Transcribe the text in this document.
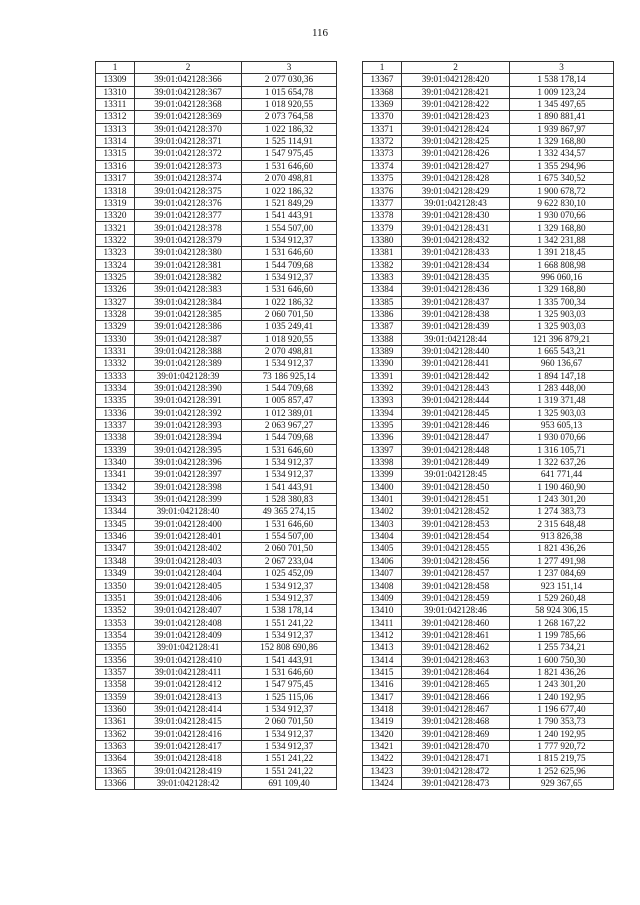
116
1	2	3
13309	39:01:042128:366	2 077 030,36
13310	39:01:042128:367	1 015 654,78
13311	39:01:042128:368	1 018 920,55
13312	39:01:042128:369	2 073 764,58
13313	39:01:042128:370	1 022 186,32
13314	39:01:042128:371	1 525 114,91
13315	39:01:042128:372	1 547 975,45
13316	39:01:042128:373	1 531 646,60
13317	39:01:042128:374	2 070 498,81
13318	39:01:042128:375	1 022 186,32
13319	39:01:042128:376	1 521 849,29
13320	39:01:042128:377	1 541 443,91
13321	39:01:042128:378	1 554 507,00
13322	39:01:042128:379	1 534 912,37
13323	39:01:042128:380	1 531 646,60
13324	39:01:042128:381	1 544 709,68
13325	39:01:042128:382	1 534 912,37
13326	39:01:042128:383	1 531 646,60
13327	39:01:042128:384	1 022 186,32
13328	39:01:042128:385	2 060 701,50
13329	39:01:042128:386	1 035 249,41
13330	39:01:042128:387	1 018 920,55
13331	39:01:042128:388	2 070 498,81
13332	39:01:042128:389	1 534 912,37
13333	39:01:042128:39	73 186 925,14
13334	39:01:042128:390	1 544 709,68
13335	39:01:042128:391	1 005 857,47
13336	39:01:042128:392	1 012 389,01
13337	39:01:042128:393	2 063 967,27
13338	39:01:042128:394	1 544 709,68
13339	39:01:042128:395	1 531 646,60
13340	39:01:042128:396	1 534 912,37
13341	39:01:042128:397	1 534 912,37
13342	39:01:042128:398	1 541 443,91
13343	39:01:042128:399	1 528 380,83
13344	39:01:042128:40	49 365 274,15
13345	39:01:042128:400	1 531 646,60
13346	39:01:042128:401	1 554 507,00
13347	39:01:042128:402	2 060 701,50
13348	39:01:042128:403	2 067 233,04
13349	39:01:042128:404	1 025 452,09
13350	39:01:042128:405	1 534 912,37
13351	39:01:042128:406	1 534 912,37
13352	39:01:042128:407	1 538 178,14
13353	39:01:042128:408	1 551 241,22
13354	39:01:042128:409	1 534 912,37
13355	39:01:042128:41	152 808 690,86
13356	39:01:042128:410	1 541 443,91
13357	39:01:042128:411	1 531 646,60
13358	39:01:042128:412	1 547 975,45
13359	39:01:042128:413	1 525 115,06
13360	39:01:042128:414	1 534 912,37
13361	39:01:042128:415	2 060 701,50
13362	39:01:042128:416	1 534 912,37
13363	39:01:042128:417	1 534 912,37
13364	39:01:042128:418	1 551 241,22
13365	39:01:042128:419	1 551 241,22
13366	39:01:042128:42	691 109,40
1	2	3
13367	39:01:042128:420	1 538 178,14
13368	39:01:042128:421	1 009 123,24
13369	39:01:042128:422	1 345 497,65
13370	39:01:042128:423	1 890 881,41
13371	39:01:042128:424	1 939 867,97
13372	39:01:042128:425	1 329 168,80
13373	39:01:042128:426	1 332 434,57
13374	39:01:042128:427	1 355 294,96
13375	39:01:042128:428	1 675 340,52
13376	39:01:042128:429	1 900 678,72
13377	39:01:042128:43	9 622 830,10
13378	39:01:042128:430	1 930 070,66
13379	39:01:042128:431	1 329 168,80
13380	39:01:042128:432	1 342 231,88
13381	39:01:042128:433	1 391 218,45
13382	39:01:042128:434	1 668 808,98
13383	39:01:042128:435	996 060,16
13384	39:01:042128:436	1 329 168,80
13385	39:01:042128:437	1 335 700,34
13386	39:01:042128:438	1 325 903,03
13387	39:01:042128:439	1 325 903,03
13388	39:01:042128:44	121 396 879,21
13389	39:01:042128:440	1 665 543,21
13390	39:01:042128:441	960 136,67
13391	39:01:042128:442	1 894 147,18
13392	39:01:042128:443	1 283 448,00
13393	39:01:042128:444	1 319 371,48
13394	39:01:042128:445	1 325 903,03
13395	39:01:042128:446	953 605,13
13396	39:01:042128:447	1 930 070,66
13397	39:01:042128:448	1 316 105,71
13398	39:01:042128:449	1 322 637,26
13399	39:01:042128:45	641 771,44
13400	39:01:042128:450	1 190 460,90
13401	39:01:042128:451	1 243 301,20
13402	39:01:042128:452	1 274 383,73
13403	39:01:042128:453	2 315 648,48
13404	39:01:042128:454	913 826,38
13405	39:01:042128:455	1 821 436,26
13406	39:01:042128:456	1 277 491,98
13407	39:01:042128:457	1 237 084,69
13408	39:01:042128:458	923 151,14
13409	39:01:042128:459	1 529 260,48
13410	39:01:042128:46	58 924 306,15
13411	39:01:042128:460	1 268 167,22
13412	39:01:042128:461	1 199 785,66
13413	39:01:042128:462	1 255 734,21
13414	39:01:042128:463	1 600 750,30
13415	39:01:042128:464	1 821 436,26
13416	39:01:042128:465	1 243 301,20
13417	39:01:042128:466	1 240 192,95
13418	39:01:042128:467	1 196 677,40
13419	39:01:042128:468	1 790 353,73
13420	39:01:042128:469	1 240 192,95
13421	39:01:042128:470	1 777 920,72
13422	39:01:042128:471	1 815 219,75
13423	39:01:042128:472	1 252 625,96
13424	39:01:042128:473	929 367,65
